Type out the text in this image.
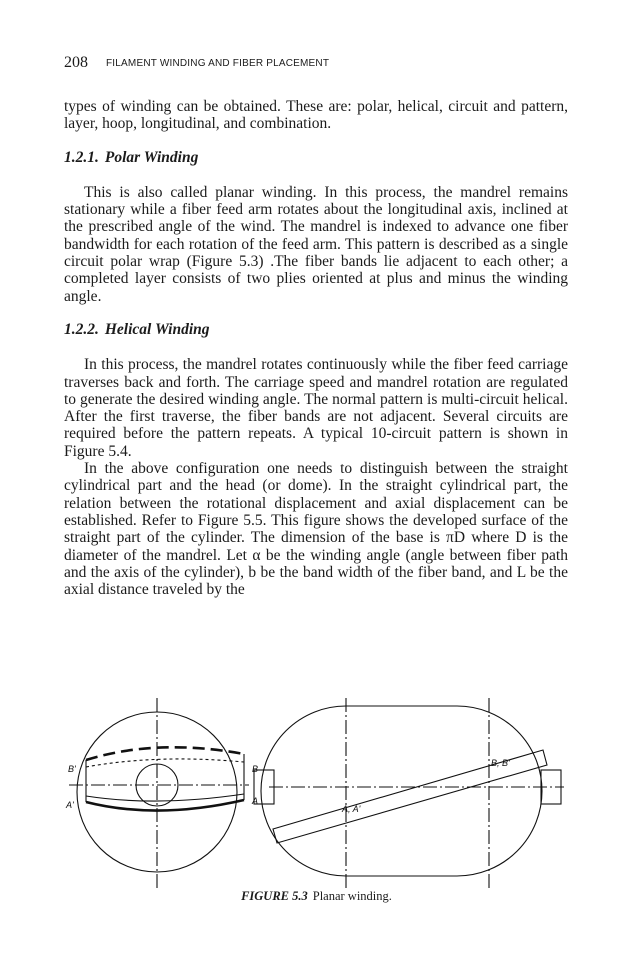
208 FILAMENT WINDING AND FIBER PLACEMENT

types of winding can be obtained. These are: polar, helical, circuit and pattern, layer, hoop, longitudinal, and combination.

1.2.1. Polar Winding

This is also called planar winding. In this process, the mandrel remains stationary while a fiber feed arm rotates about the longitudinal axis, inclined at the prescribed angle of the wind. The mandrel is indexed to advance one fiber bandwidth for each rotation of the feed arm. This pattern is described as a single circuit polar wrap (Figure 5.3) .The fiber bands lie adjacent to each other; a completed layer consists of two plies oriented at plus and minus the winding angle.

1.2.2. Helical Winding

In this process, the mandrel rotates continuously while the fiber feed carriage traverses back and forth. The carriage speed and mandrel rotation are regulated to generate the desired winding angle. The normal pattern is multi-circuit helical. After the first traverse, the fiber bands are not adjacent. Several circuits are required before the pattern repeats. A typical 10-circuit pattern is shown in Figure 5.4.

In the above configuration one needs to distinguish between the straight cylindrical part and the head (or dome). In the straight cylindrical part, the relation between the rotational displacement and axial displacement can be established. Refer to Figure 5.5. This figure shows the developed surface of the straight part of the cylinder. The dimension of the base is πD where D is the diameter of the mandrel. Let α be the winding angle (angle between fiber path and the axis of the cylinder), b be the band width of the fiber band, and L be the axial distance traveled by the

B'
A'
B
A
B, B'
A, A'
FIGURE 5.3 Planar winding.
